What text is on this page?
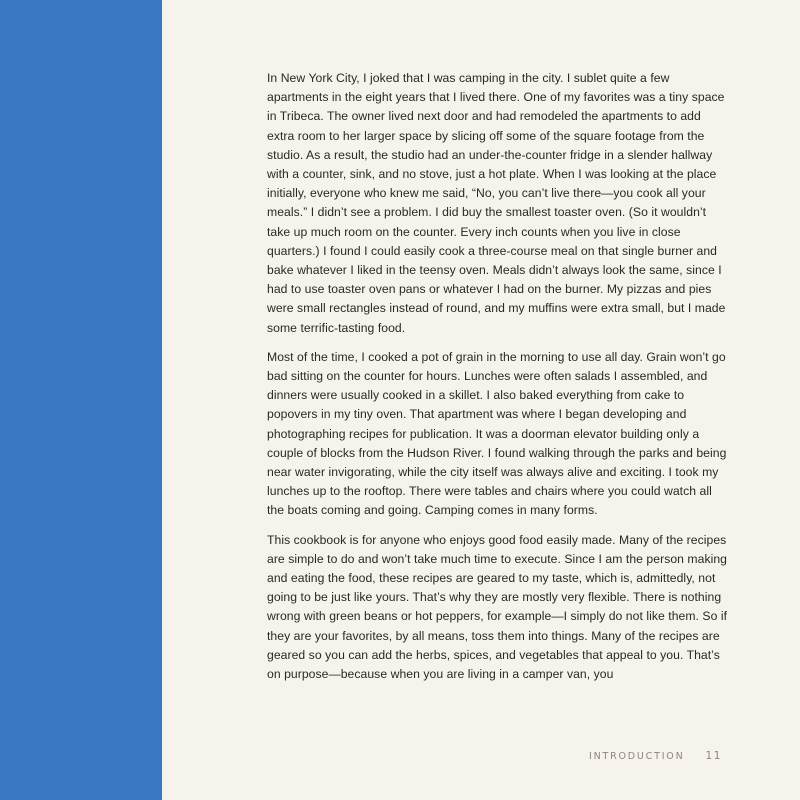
In New York City, I joked that I was camping in the city. I sublet quite a few apartments in the eight years that I lived there. One of my favorites was a tiny space in Tribeca. The owner lived next door and had remodeled the apartments to add extra room to her larger space by slicing off some of the square footage from the studio. As a result, the studio had an under-the-counter fridge in a slender hallway with a counter, sink, and no stove, just a hot plate. When I was looking at the place initially, everyone who knew me said, “No, you can’t live there—you cook all your meals.” I didn’t see a problem. I did buy the smallest toaster oven. (So it wouldn’t take up much room on the counter. Every inch counts when you live in close quarters.) I found I could easily cook a three-course meal on that single burner and bake whatever I liked in the teensy oven. Meals didn’t always look the same, since I had to use toaster oven pans or whatever I had on the burner. My pizzas and pies were small rectangles instead of round, and my muffins were extra small, but I made some terrific-tasting food.

Most of the time, I cooked a pot of grain in the morning to use all day. Grain won’t go bad sitting on the counter for hours. Lunches were often salads I assembled, and dinners were usually cooked in a skillet. I also baked everything from cake to popovers in my tiny oven. That apartment was where I began developing and photographing recipes for publication. It was a doorman elevator building only a couple of blocks from the Hudson River. I found walking through the parks and being near water invigorating, while the city itself was always alive and exciting. I took my lunches up to the rooftop. There were tables and chairs where you could watch all the boats coming and going. Camping comes in many forms.

This cookbook is for anyone who enjoys good food easily made. Many of the recipes are simple to do and won’t take much time to execute. Since I am the person making and eating the food, these recipes are geared to my taste, which is, admittedly, not going to be just like yours. That’s why they are mostly very flexible. There is nothing wrong with green beans or hot peppers, for example—I simply do not like them. So if they are your favorites, by all means, toss them into things. Many of the recipes are geared so you can add the herbs, spices, and vegetables that appeal to you. That’s on purpose—because when you are living in a camper van, you

INTRODUCTION 11
